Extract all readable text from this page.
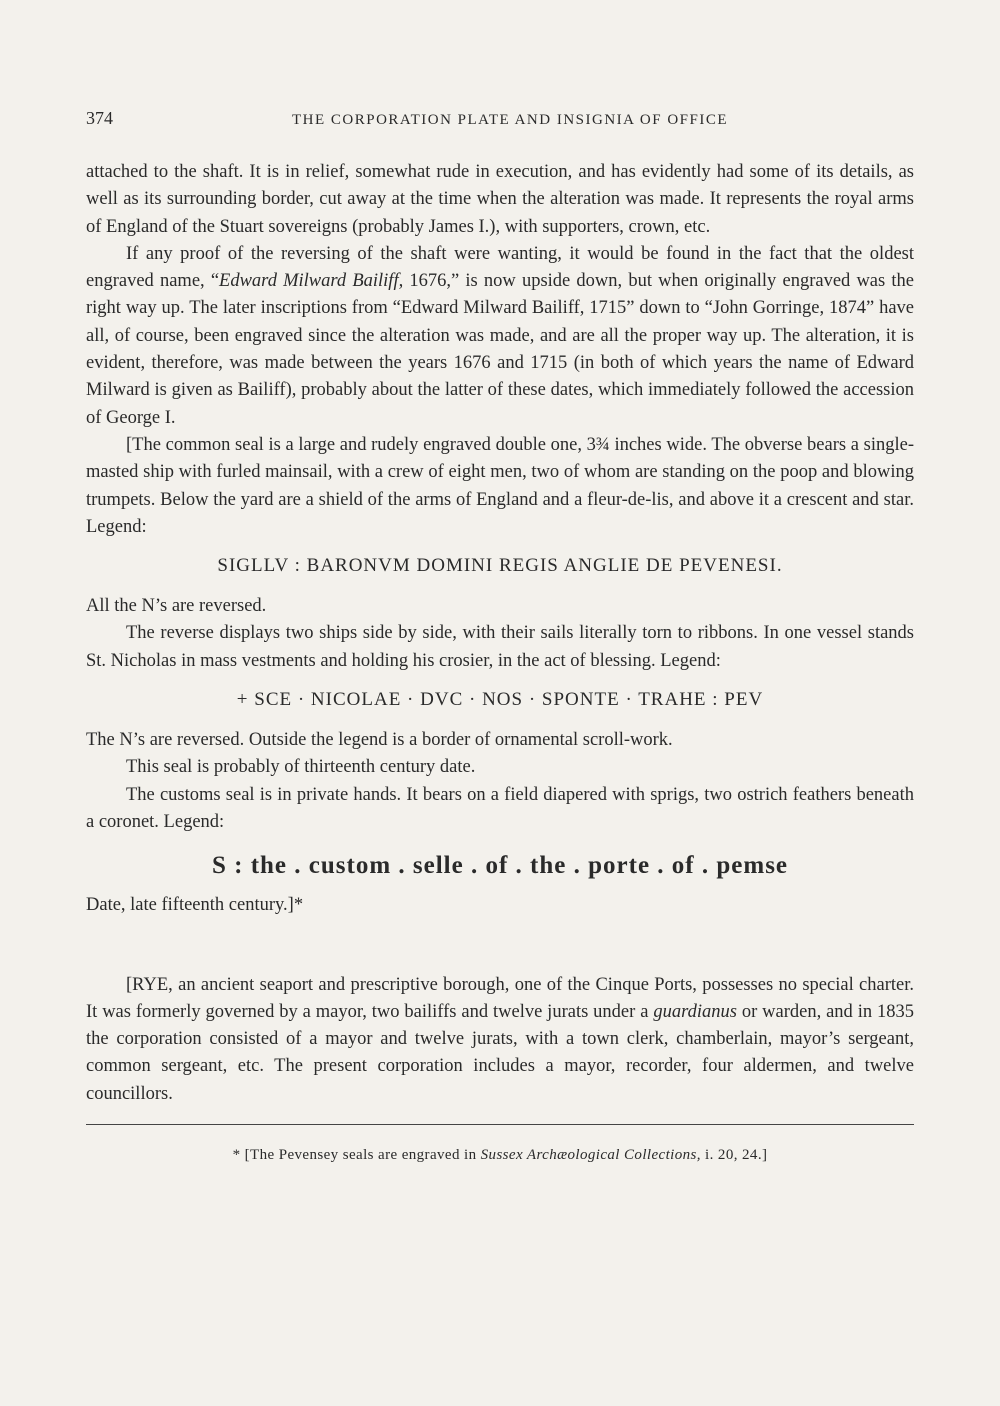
374	THE CORPORATION PLATE AND INSIGNIA OF OFFICE

attached to the shaft. It is in relief, somewhat rude in execution, and has evidently had some of its details, as well as its surrounding border, cut away at the time when the alteration was made. It represents the royal arms of England of the Stuart sovereigns (probably James I.), with supporters, crown, etc.

If any proof of the reversing of the shaft were wanting, it would be found in the fact that the oldest engraved name, “Edward Milward Bailiff, 1676,” is now upside down, but when originally engraved was the right way up. The later inscriptions from “Edward Milward Bailiff, 1715” down to “John Gorringe, 1874” have all, of course, been engraved since the alteration was made, and are all the proper way up. The alteration, it is evident, therefore, was made between the years 1676 and 1715 (in both of which years the name of Edward Milward is given as Bailiff), probably about the latter of these dates, which immediately followed the accession of George I.

[The common seal is a large and rudely engraved double one, 3¾ inches wide. The obverse bears a single-masted ship with furled mainsail, with a crew of eight men, two of whom are standing on the poop and blowing trumpets. Below the yard are a shield of the arms of England and a fleur-de-lis, and above it a crescent and star. Legend:

SIGLLV : BARONVM DOMINI REGIS ANGLIE DE PEVENESI.

All the N’s are reversed.

The reverse displays two ships side by side, with their sails literally torn to ribbons. In one vessel stands St. Nicholas in mass vestments and holding his crosier, in the act of blessing. Legend:

+ SCE · NICOLAE · DVC · NOS · SPONTE · TRAHE : PEV

The N’s are reversed. Outside the legend is a border of ornamental scroll-work.

This seal is probably of thirteenth century date.

The customs seal is in private hands. It bears on a field diapered with sprigs, two ostrich feathers beneath a coronet. Legend:

S : the . custom . selle . of . the . porte . of . pemse

Date, late fifteenth century.]*

[RYE, an ancient seaport and prescriptive borough, one of the Cinque Ports, possesses no special charter. It was formerly governed by a mayor, two bailiffs and twelve jurats under a guardianus or warden, and in 1835 the corporation consisted of a mayor and twelve jurats, with a town clerk, chamberlain, mayor’s sergeant, common sergeant, etc. The present corporation includes a mayor, recorder, four aldermen, and twelve councillors.

* [The Pevensey seals are engraved in Sussex Archæological Collections, i. 20, 24.]
